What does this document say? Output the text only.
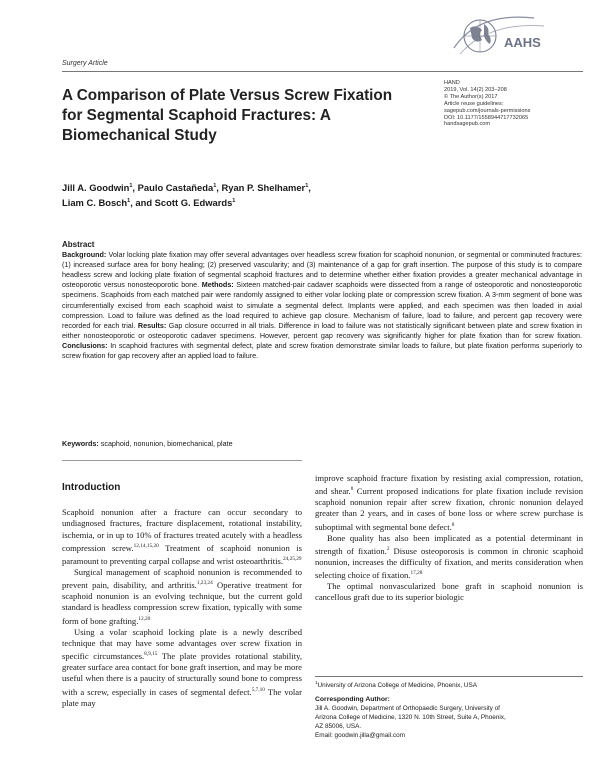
AAHS
HAND
2019, Vol. 14(2) 203–208
© The Author(s) 2017
Article reuse guidelines:
sagepub.com/journals-permissions
DOI: 10.1177/1558944717732065
handsagepub.com
Surgery Article
A Comparison of Plate Versus Screw Fixation for Segmental Scaphoid Fractures: A Biomechanical Study
Jill A. Goodwin$^1$, Paulo Castañeda$^1$, Ryan P. Shelhamer$^1$,
Liam C. Bosch$^1$, and Scott G. Edwards$^1$
Abstract
Background: Volar locking plate fixation may offer several advantages over headless screw fixation for scaphoid nonunion, or segmental or comminuted fractures: (1) increased surface area for bony healing; (2) preserved vascularity; and (3) maintenance of a gap for graft insertion. The purpose of this study is to compare headless screw and locking plate fixation of segmental scaphoid fractures and to determine whether either fixation provides a greater mechanical advantage in osteoporotic versus nonosteoporotic bone. Methods: Sixteen matched-pair cadaver scaphoids were dissected from a range of osteoporotic and nonosteoporotic specimens. Scaphoids from each matched pair were randomly assigned to either volar locking plate or compression screw fixation. A 3-mm segment of bone was circumferentially excised from each scaphoid waist to simulate a segmental defect. Implants were applied, and each specimen was then loaded in axial compression. Load to failure was defined as the load required to achieve gap closure. Mechanism of failure, load to failure, and percent gap recovery were recorded for each trial. Results: Gap closure occurred in all trials. Difference in load to failure was not statistically significant between plate and screw fixation in either nonosteoporotic or osteoporotic cadaver specimens. However, percent gap recovery was significantly higher for plate fixation than for screw fixation. Conclusions: In scaphoid fractures with segmental defect, plate and screw fixation demonstrate similar loads to failure, but plate fixation performs superiorly to screw fixation for gap recovery after an applied load to failure.
Keywords: scaphoid, nonunion, biomechanical, plate
Introduction

Scaphoid nonunion after a fracture can occur secondary to undiagnosed fractures, fracture displacement, rotational instability, ischemia, or in up to 10% of fractures treated acutely with a headless compression screw.$^{12,14,15,20}$ Treatment of scaphoid nonunion is paramount to preventing carpal collapse and wrist osteoarthritis.$^{24,25,29}$

Surgical management of scaphoid nonunion is recommended to prevent pain, disability, and arthritis.$^{1,23,24}$ Operative treatment for scaphoid nonunion is an evolving technique, but the current gold standard is headless compression screw fixation, typically with some form of bone grafting.$^{12,20}$

Using a volar scaphoid locking plate is a newly described technique that may have some advantages over screw fixation in specific circumstances.$^{8,9,15}$ The plate provides rotational stability, greater surface area contact for bone graft insertion, and may be more useful when there is a paucity of structurally sound bone to compress with a screw, especially in cases of segmental defect.$^{5,7,10}$ The volar plate may

improve scaphoid fracture fixation by resisting axial compression, rotation, and shear.$^8$ Current proposed indications for plate fixation include revision scaphoid nonunion repair after screw fixation, chronic nonunion delayed greater than 2 years, and in cases of bone loss or where screw purchase is suboptimal with segmental bone defect.$^8$

Bone quality has also been implicated as a potential determinant in strength of fixation.$^2$ Disuse osteoporosis is common in chronic scaphoid nonunion, increases the difficulty of fixation, and merits consideration when selecting choice of fixation.$^{17,28}$

The optimal nonvascularized bone graft in scaphoid nonunion is cancellous graft due to its superior biologic

$^1$University of Arizona College of Medicine, Phoenix, USA
Corresponding Author:
Jill A. Goodwin, Department of Orthopaedic Surgery, University of
Arizona College of Medicine, 1320 N. 10th Street, Suite A, Phoenix,
AZ 85006, USA.
Email: goodwin.jilla@gmail.com
